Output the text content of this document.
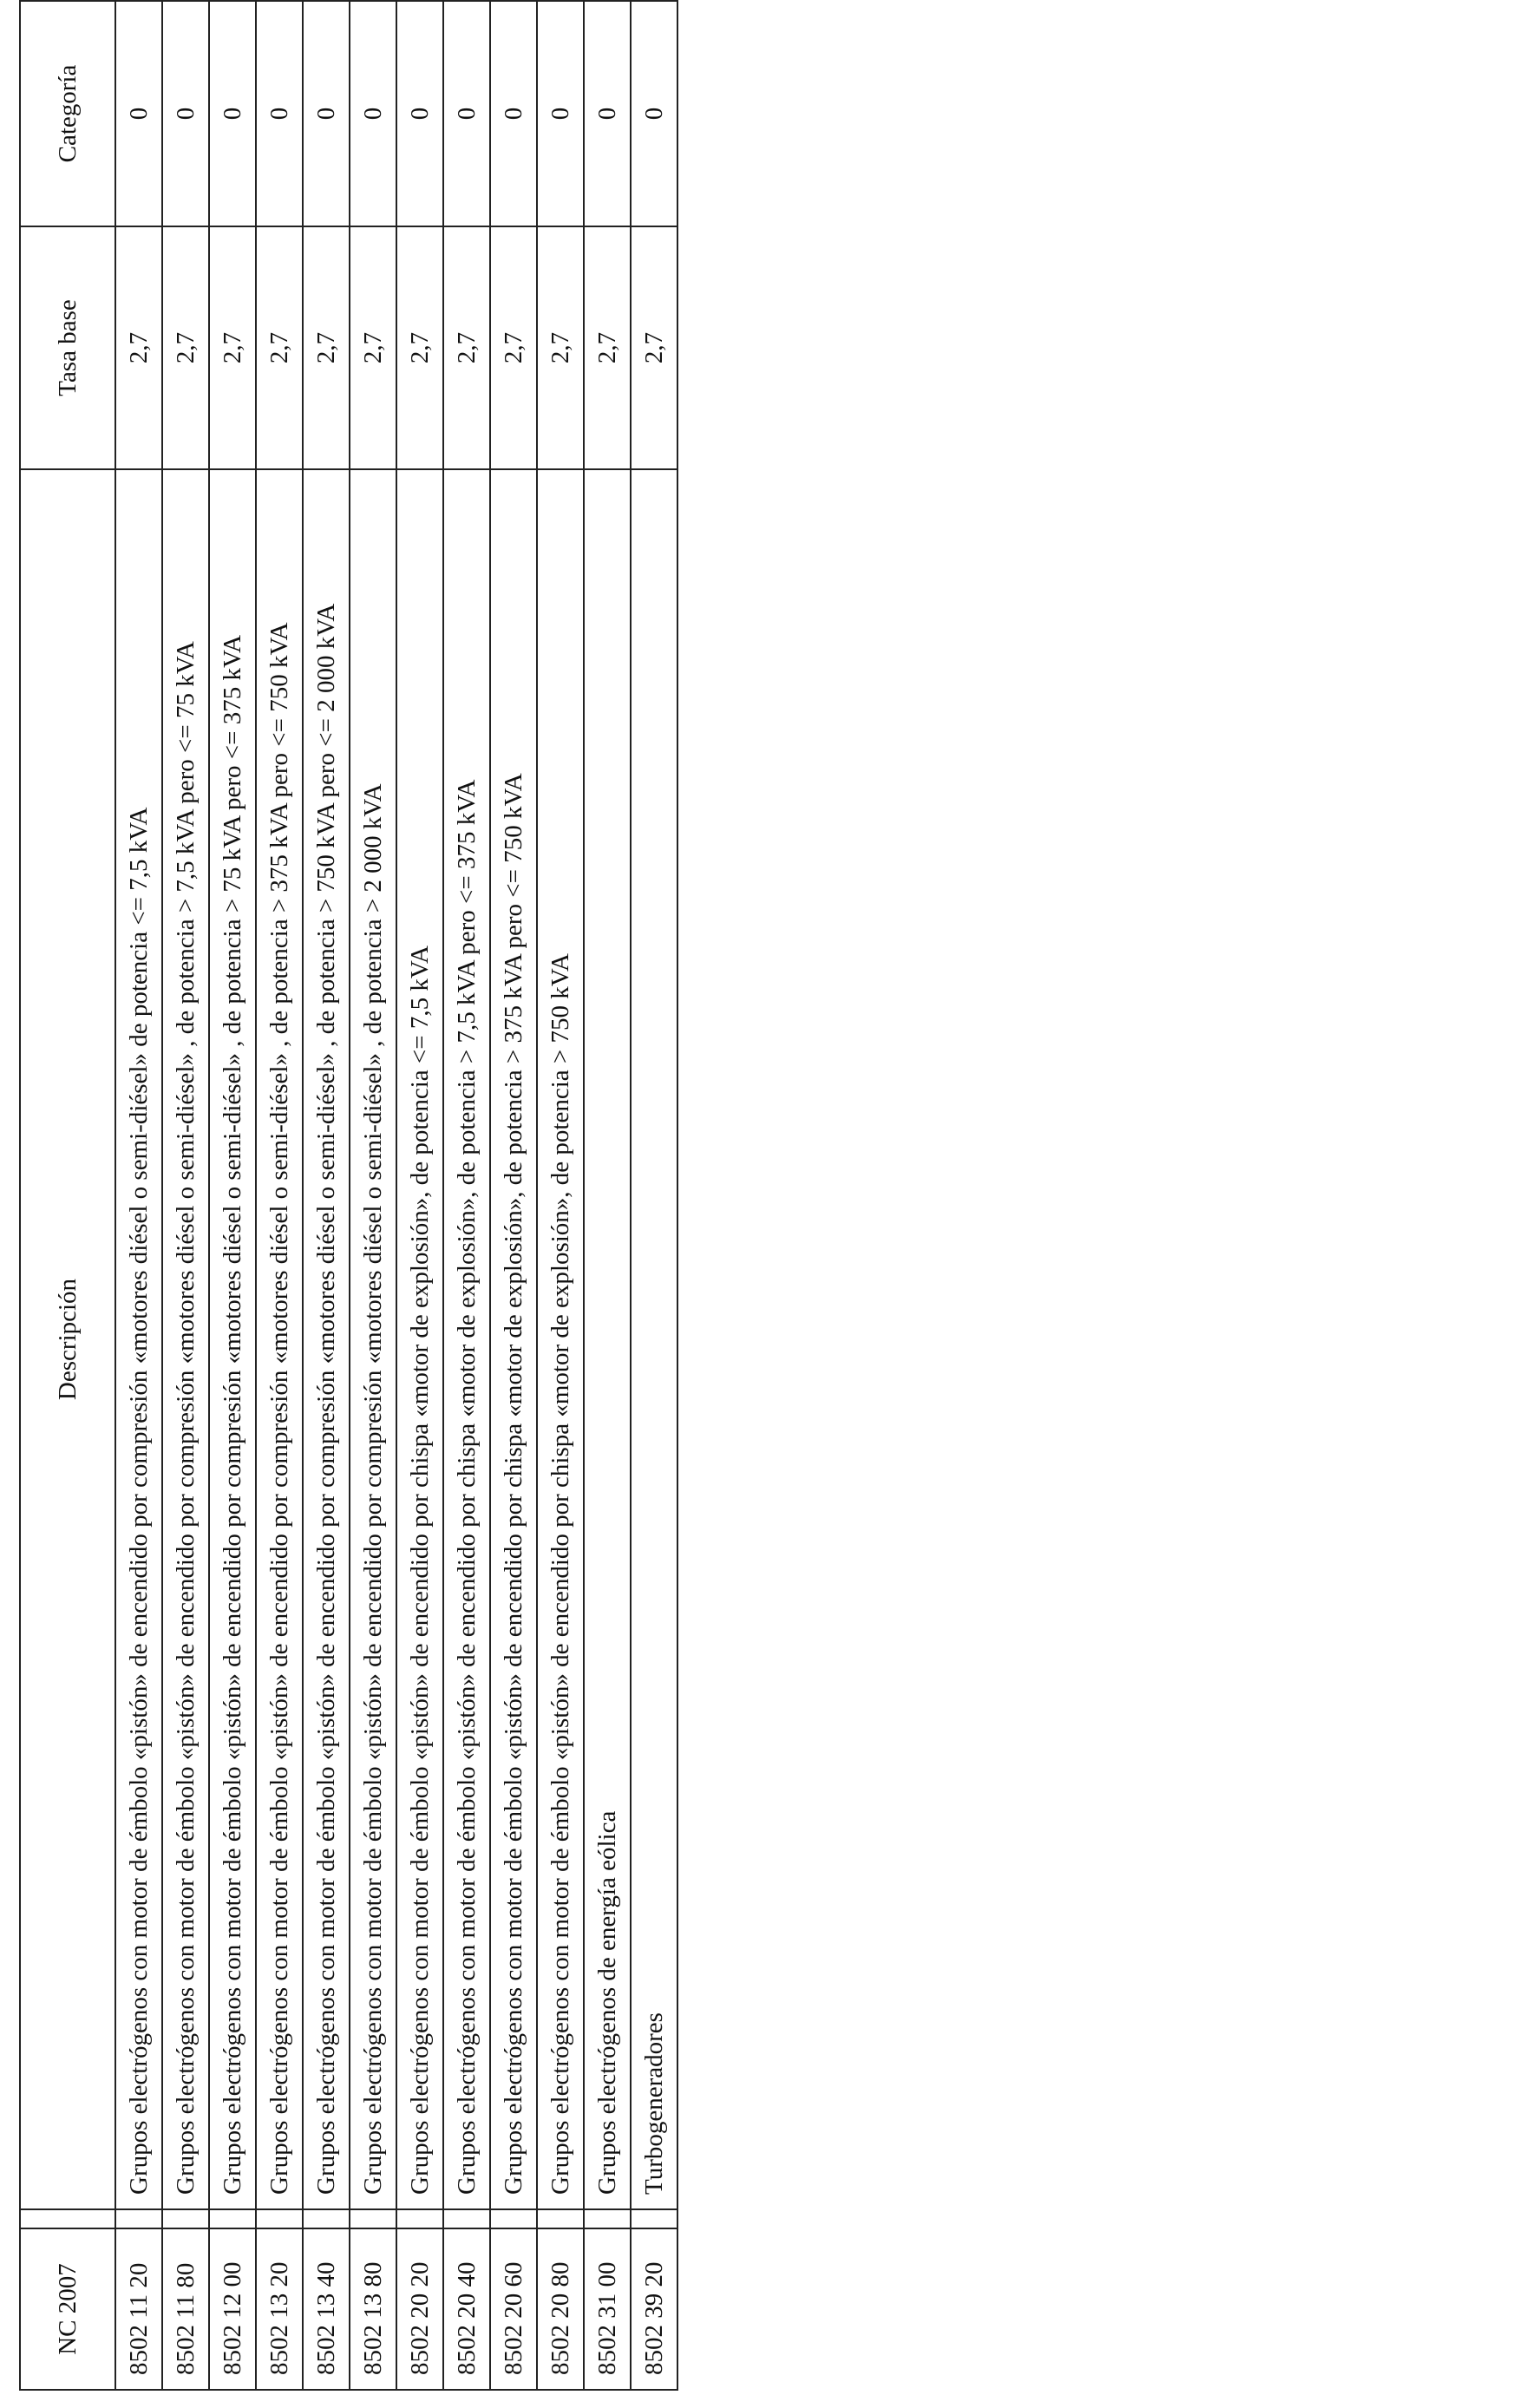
NC 2007		Descripción	Tasa base	Categoría
8502 11 20		Grupos electrógenos con motor de émbolo «pistón» de encendido por compresión «motores diésel o semi-diésel» de potencia <= 7,5 kVA	2,7	0
8502 11 80		Grupos electrógenos con motor de émbolo «pistón» de encendido por compresión «motores diésel o semi-diésel» , de potencia > 7,5 kVA pero <= 75 kVA	2,7	0
8502 12 00		Grupos electrógenos con motor de émbolo «pistón» de encendido por compresión «motores diésel o semi-diésel» , de potencia > 75 kVA pero <= 375 kVA	2,7	0
8502 13 20		Grupos electrógenos con motor de émbolo «pistón» de encendido por compresión «motores diésel o semi-diésel» , de potencia > 375 kVA pero <= 750 kVA	2,7	0
8502 13 40		Grupos electrógenos con motor de émbolo «pistón» de encendido por compresión «motores diésel o semi-diésel» , de potencia > 750 kVA pero <= 2 000 kVA	2,7	0
8502 13 80		Grupos electrógenos con motor de émbolo «pistón» de encendido por compresión «motores diésel o semi-diésel» , de potencia > 2 000 kVA	2,7	0
8502 20 20		Grupos electrógenos con motor de émbolo «pistón» de encendido por chispa «motor de explosión», de potencia <= 7,5 kVA	2,7	0
8502 20 40		Grupos electrógenos con motor de émbolo «pistón» de encendido por chispa «motor de explosión», de potencia > 7,5 kVA pero <= 375 kVA	2,7	0
8502 20 60		Grupos electrógenos con motor de émbolo «pistón» de encendido por chispa «motor de explosión», de potencia > 375 kVA pero <= 750 kVA	2,7	0
8502 20 80		Grupos electrógenos con motor de émbolo «pistón» de encendido por chispa «motor de explosión», de potencia > 750 kVA	2,7	0
8502 31 00		Grupos electrógenos de energía eólica	2,7	0
8502 39 20		Turbogeneradores	2,7	0
